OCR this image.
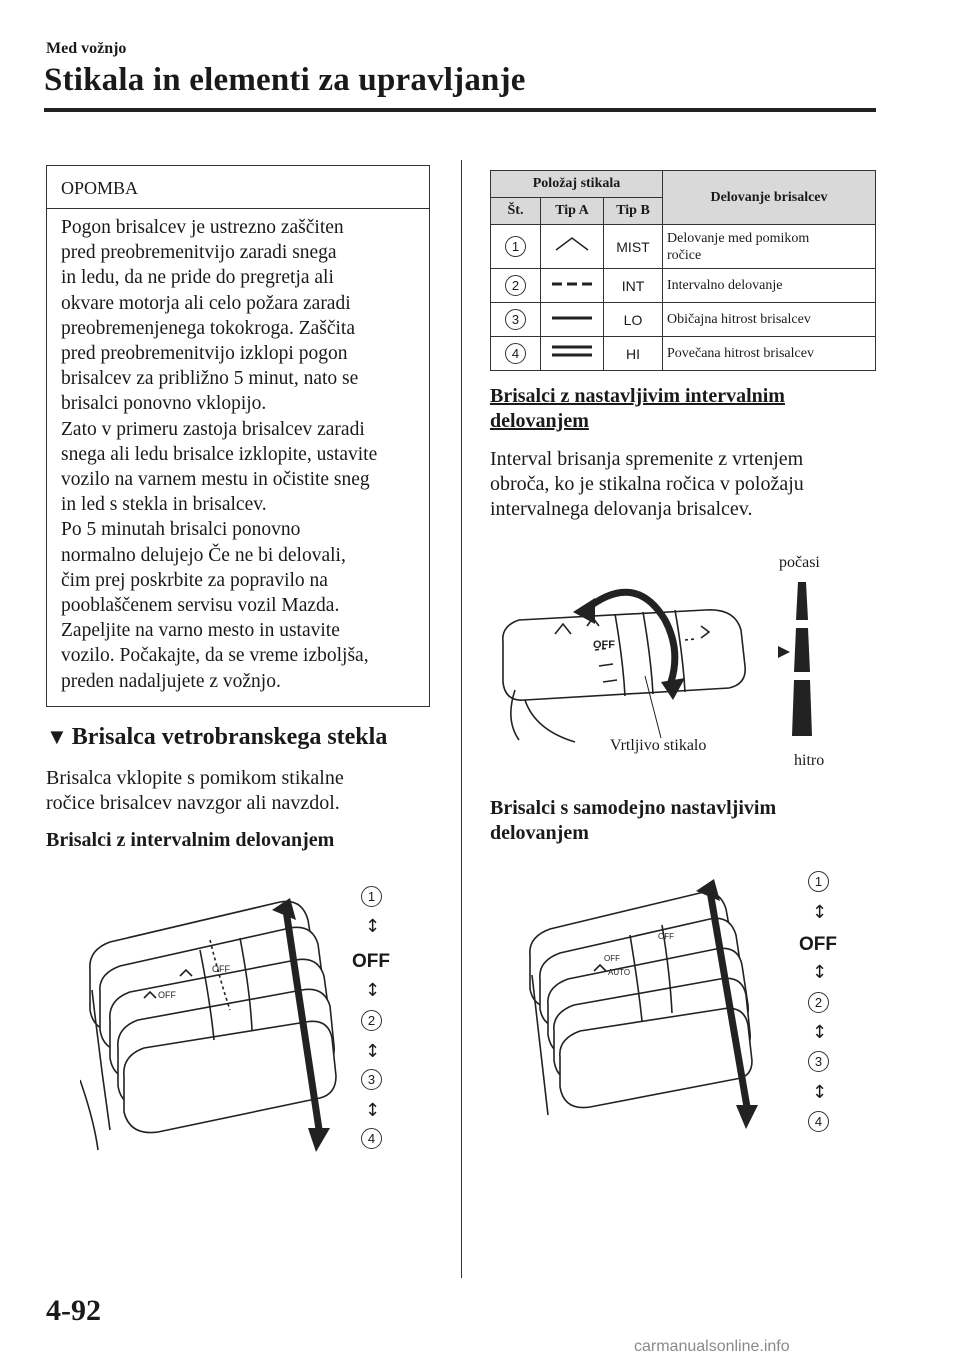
Med vožnjo
Stikala in elementi za upravljanje
OPOMBA

Pogon brisalcev je ustrezno zaščiten

pred preobremenitvijo zaradi snega

in ledu, da ne pride do pregretja ali

okvare motorja ali celo požara zaradi

preobremenjenega tokokroga. Zaščita

pred preobremenitvijo izklopi pogon

brisalcev za približno 5 minut, nato se

brisalci ponovno vklopijo.

Zato v primeru zastoja brisalcev zaradi

snega ali ledu brisalce izklopite, ustavite

vozilo na varnem mestu in očistite sneg

in led s stekla in brisalcev.

Po 5 minutah brisalci ponovno

normalno delujejo Če ne bi delovali,

čim prej poskrbite za popravilo na

pooblaščenem servisu vozil Mazda.

Zapeljite na varno mesto in ustavite

vozilo. Počakajte, da se vreme izboljša,

preden nadaljujete z vožnjo.

▼ Brisalca vetrobranskega stekla
Brisalca vklopite s pomikom stikalne
ročice brisalcev navzgor ali navzdol.
Brisalci z intervalnim delovanjem
OFF
OFF
1
↕
OFF
↕
2
↕
3
↕
4
Položaj stikala			Delovanje brisalcev
Št.	Tip A	Tip B	
1		MIST	Delovanje med pomikom
ročice

2		INT	Intervalno delovanje
3		LO	Običajna hitrost brisalcev
4		HI	Povečana hitrost brisalcev
Brisalci z nastavljivim intervalnim
delovanjem
Interval brisanja spremenite z vrtenjem
obroča, ko je stikalna ročica v položaju
intervalnega delovanja brisalcev.
OFF
počasi
hitro
Vrtljivo stikalo
Brisalci s samodejno nastavljivim
delovanjem
OFF
AUTO
OFF
1
↕
OFF
↕
2
↕
3
↕
4
4-92
carmanualsonline.info
